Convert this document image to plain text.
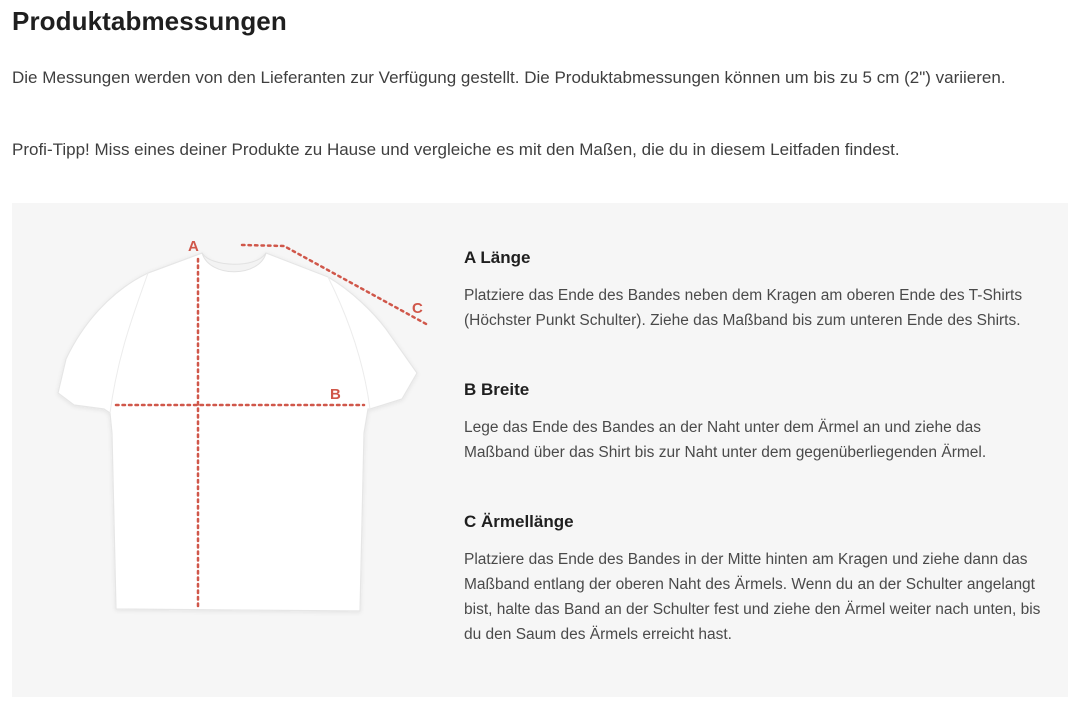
Produktabmessungen

Die Messungen werden von den Lieferanten zur Verfügung gestellt. Die Produktabmessungen können um bis zu 5 cm (2") variieren.

Profi-Tipp! Miss eines deiner Produkte zu Hause und vergleiche es mit den Maßen, die du in diesem Leitfaden findest.

A
B
C
A Länge

Platziere das Ende des Bandes neben dem Kragen am oberen Ende des T-Shirts (Höchster Punkt Schulter). Ziehe das Maßband bis zum unteren Ende des Shirts.

B Breite

Lege das Ende des Bandes an der Naht unter dem Ärmel an und ziehe das Maßband über das Shirt bis zur Naht unter dem gegenüberliegenden Ärmel.

C Ärmellänge

Platziere das Ende des Bandes in der Mitte hinten am Kragen und ziehe dann das Maßband entlang der oberen Naht des Ärmels. Wenn du an der Schulter angelangt bist, halte das Band an der Schulter fest und ziehe den Ärmel weiter nach unten, bis du den Saum des Ärmels erreicht hast.
